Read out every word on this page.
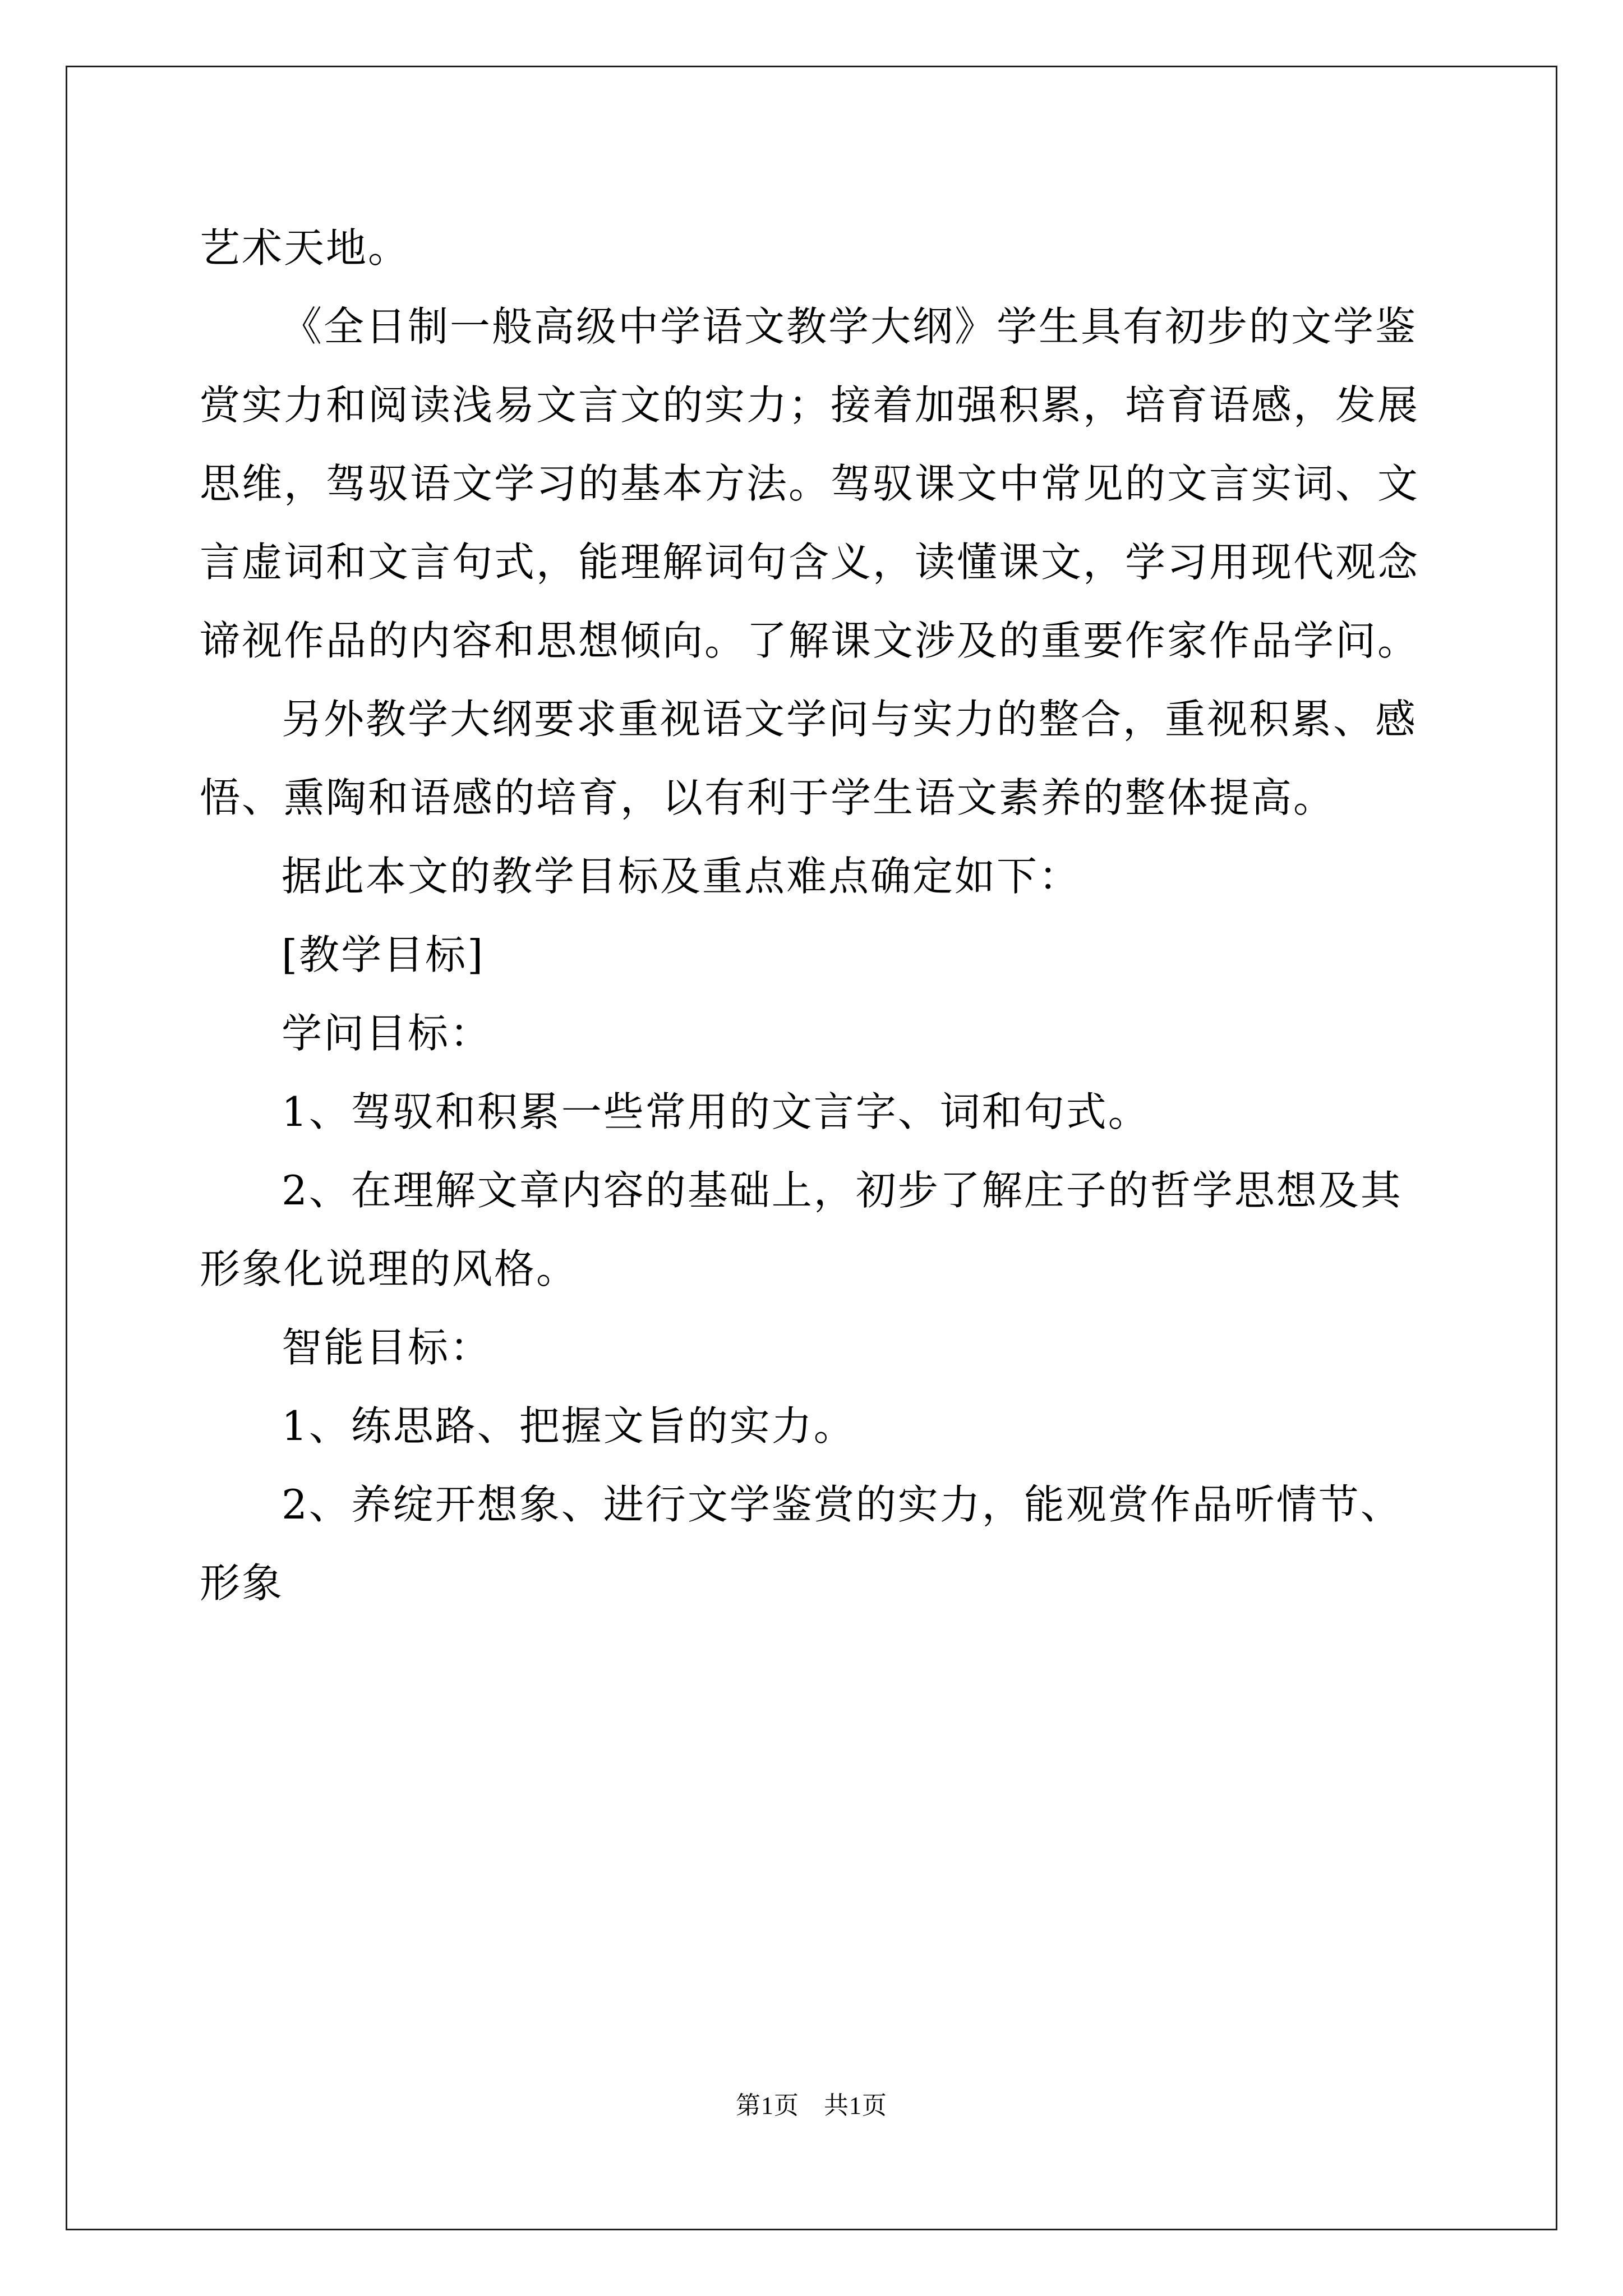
艺术天地。

《全日制一般高级中学语文教学大纲》学生具有初步的文学鉴赏实力和阅读浅易文言文的实力；接着加强积累，培育语感，发展思维，驾驭语文学习的基本方法。驾驭课文中常见的文言实词、文言虚词和文言句式，能理解词句含义，读懂课文，学习用现代观念谛视作品的内容和思想倾向。了解课文涉及的重要作家作品学问。

另外教学大纲要求重视语文学问与实力的整合，重视积累、感悟、熏陶和语感的培育，以有利于学生语文素养的整体提高。

据此本文的教学目标及重点难点确定如下：

[教学目标]

学问目标：

1、驾驭和积累一些常用的文言字、词和句式。

2、在理解文章内容的基础上，初步了解庄子的哲学思想及其形象化说理的风格。

智能目标：

1、练思路、把握文旨的实力。

2、养绽开想象、进行文学鉴赏的实力，能观赏作品听情节、形象

第1页 共1页
